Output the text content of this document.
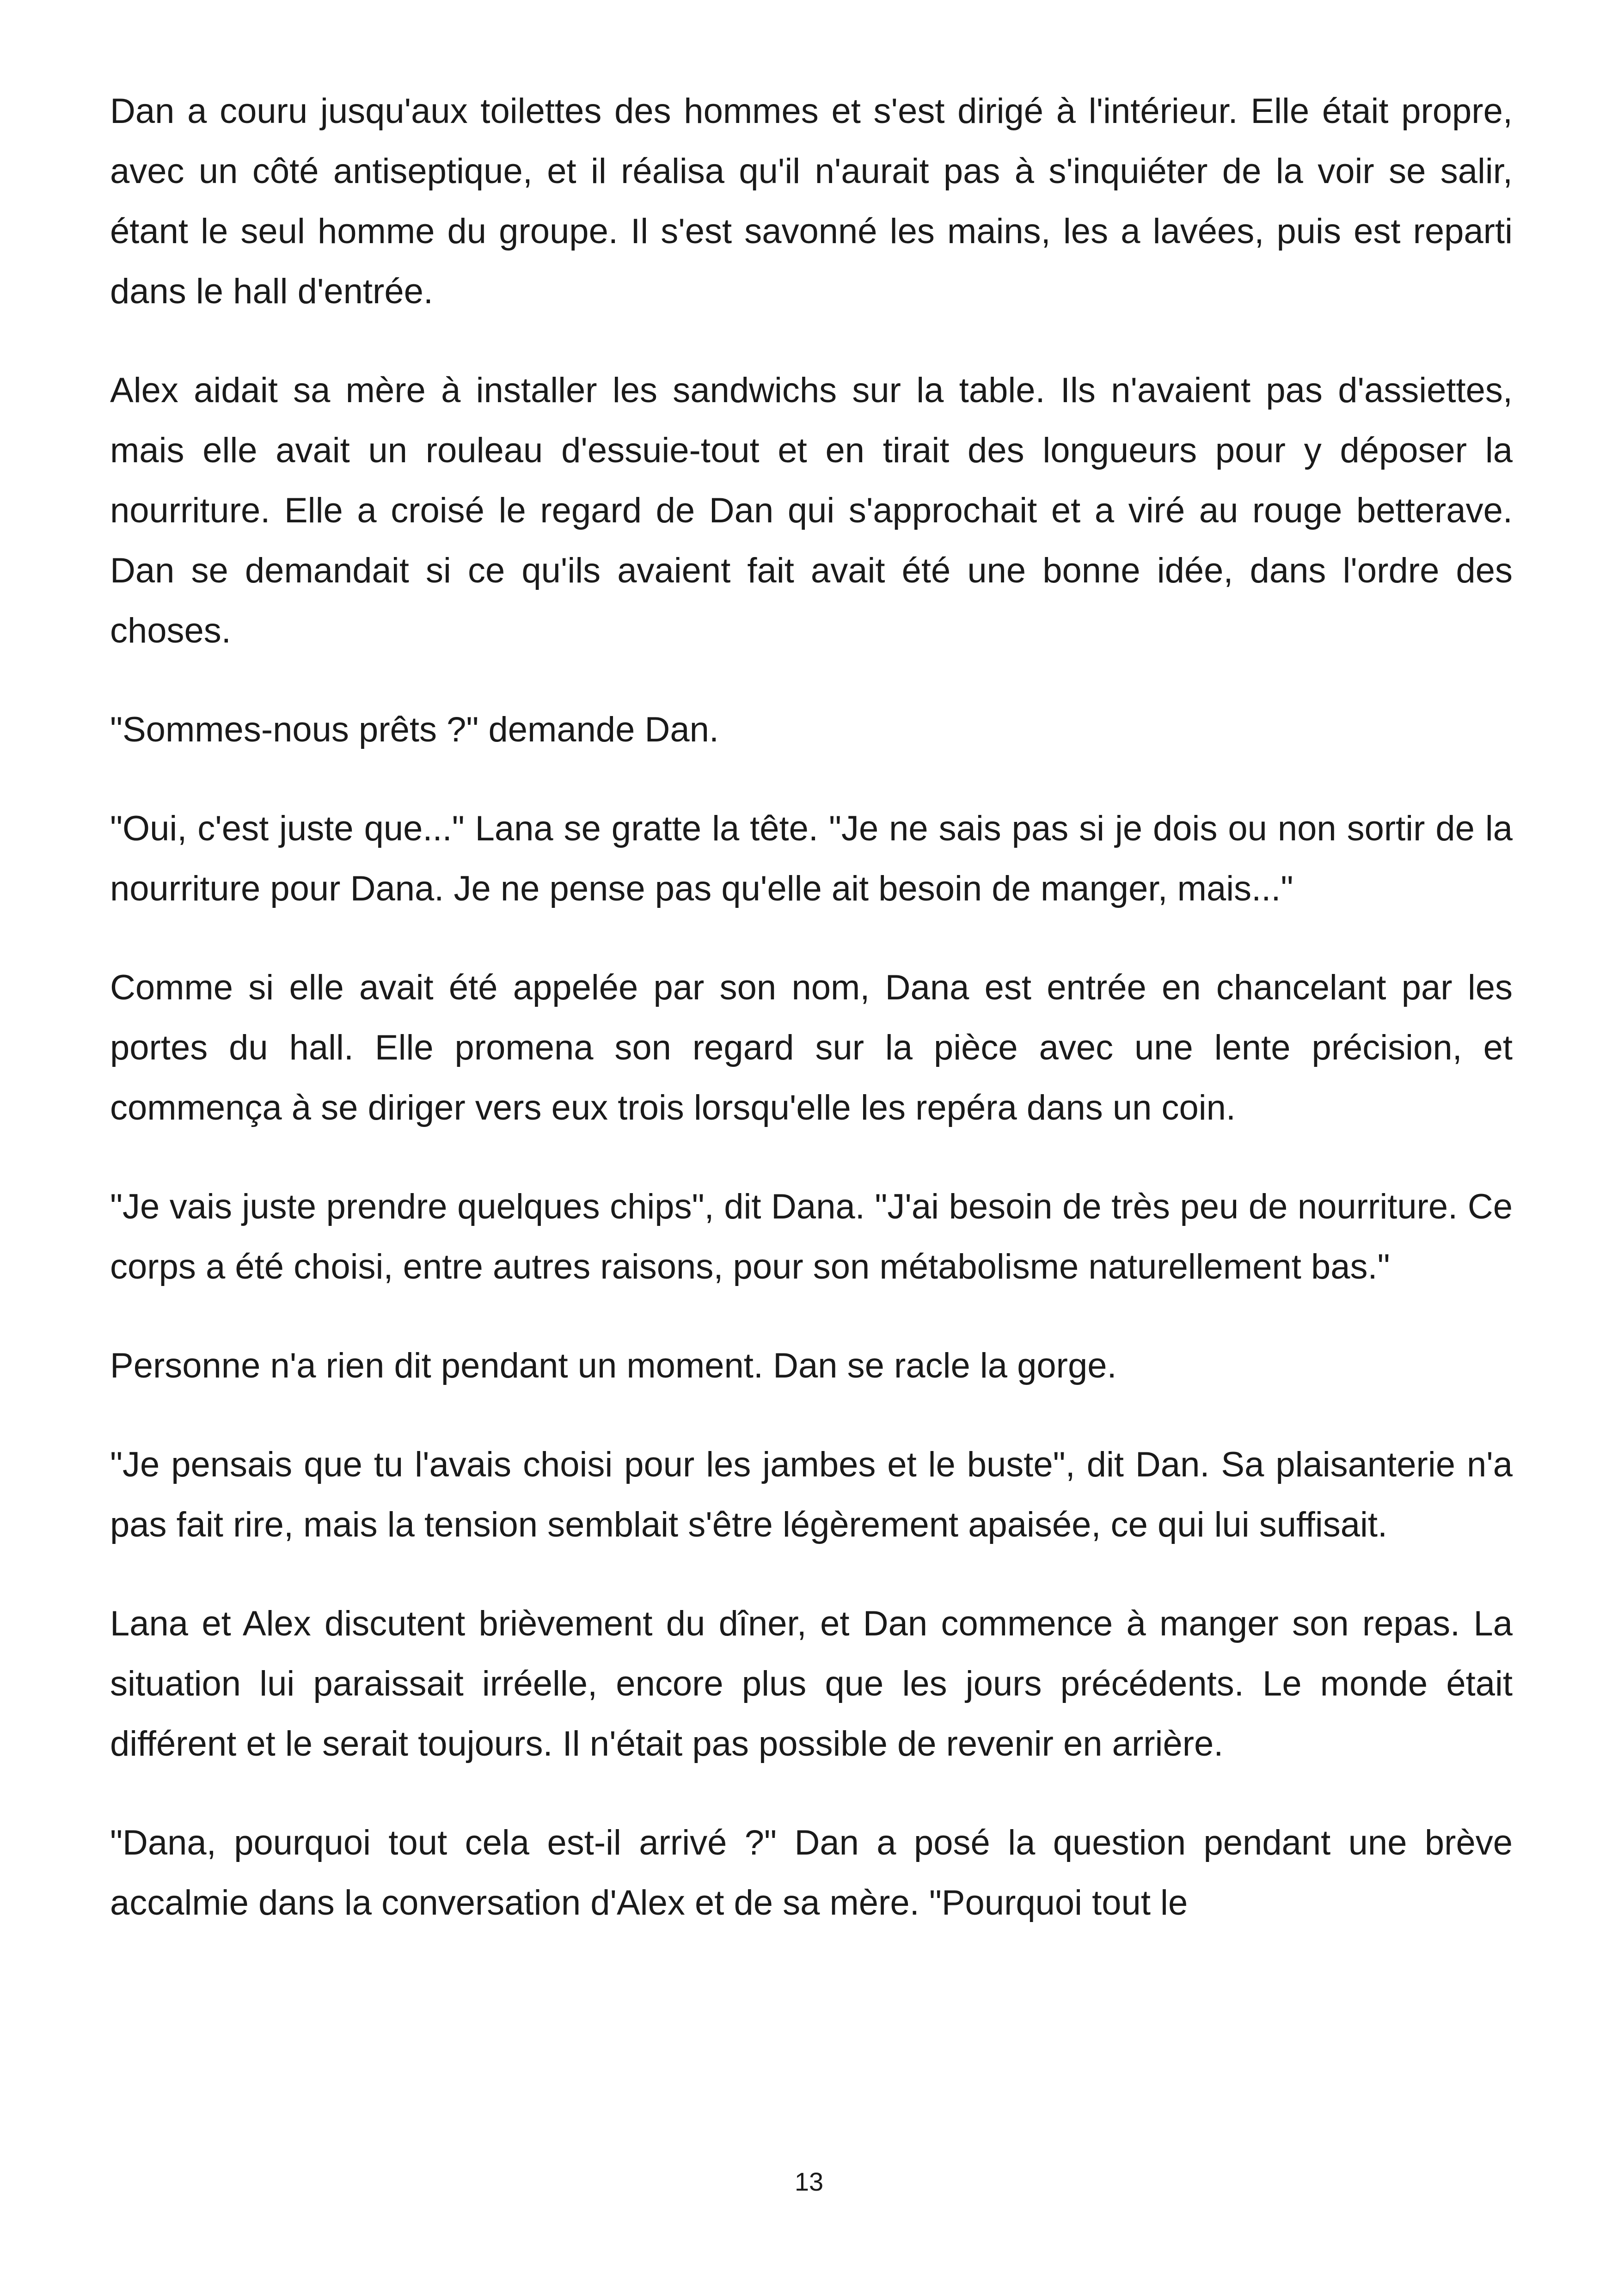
Dan a couru jusqu'aux toilettes des hommes et s'est dirigé à l'intérieur. Elle était propre, avec un côté antiseptique, et il réalisa qu'il n'aurait pas à s'inquiéter de la voir se salir, étant le seul homme du groupe. Il s'est savonné les mains, les a lavées, puis est reparti dans le hall d'entrée.

Alex aidait sa mère à installer les sandwichs sur la table. Ils n'avaient pas d'assiettes, mais elle avait un rouleau d'essuie-tout et en tirait des longueurs pour y déposer la nourriture. Elle a croisé le regard de Dan qui s'approchait et a viré au rouge betterave. Dan se demandait si ce qu'ils avaient fait avait été une bonne idée, dans l'ordre des choses.

"Sommes-nous prêts ?" demande Dan.

"Oui, c'est juste que..." Lana se gratte la tête. "Je ne sais pas si je dois ou non sortir de la nourriture pour Dana. Je ne pense pas qu'elle ait besoin de manger, mais..."

Comme si elle avait été appelée par son nom, Dana est entrée en chancelant par les portes du hall. Elle promena son regard sur la pièce avec une lente précision, et commença à se diriger vers eux trois lorsqu'elle les repéra dans un coin.

"Je vais juste prendre quelques chips", dit Dana. "J'ai besoin de très peu de nourriture. Ce corps a été choisi, entre autres raisons, pour son métabolisme naturellement bas."

Personne n'a rien dit pendant un moment. Dan se racle la gorge.

"Je pensais que tu l'avais choisi pour les jambes et le buste", dit Dan. Sa plaisanterie n'a pas fait rire, mais la tension semblait s'être légèrement apaisée, ce qui lui suffisait.

Lana et Alex discutent brièvement du dîner, et Dan commence à manger son repas. La situation lui paraissait irréelle, encore plus que les jours précédents. Le monde était différent et le serait toujours. Il n'était pas possible de revenir en arrière.

"Dana, pourquoi tout cela est-il arrivé ?" Dan a posé la question pendant une brève accalmie dans la conversation d'Alex et de sa mère. "Pourquoi tout le

13
